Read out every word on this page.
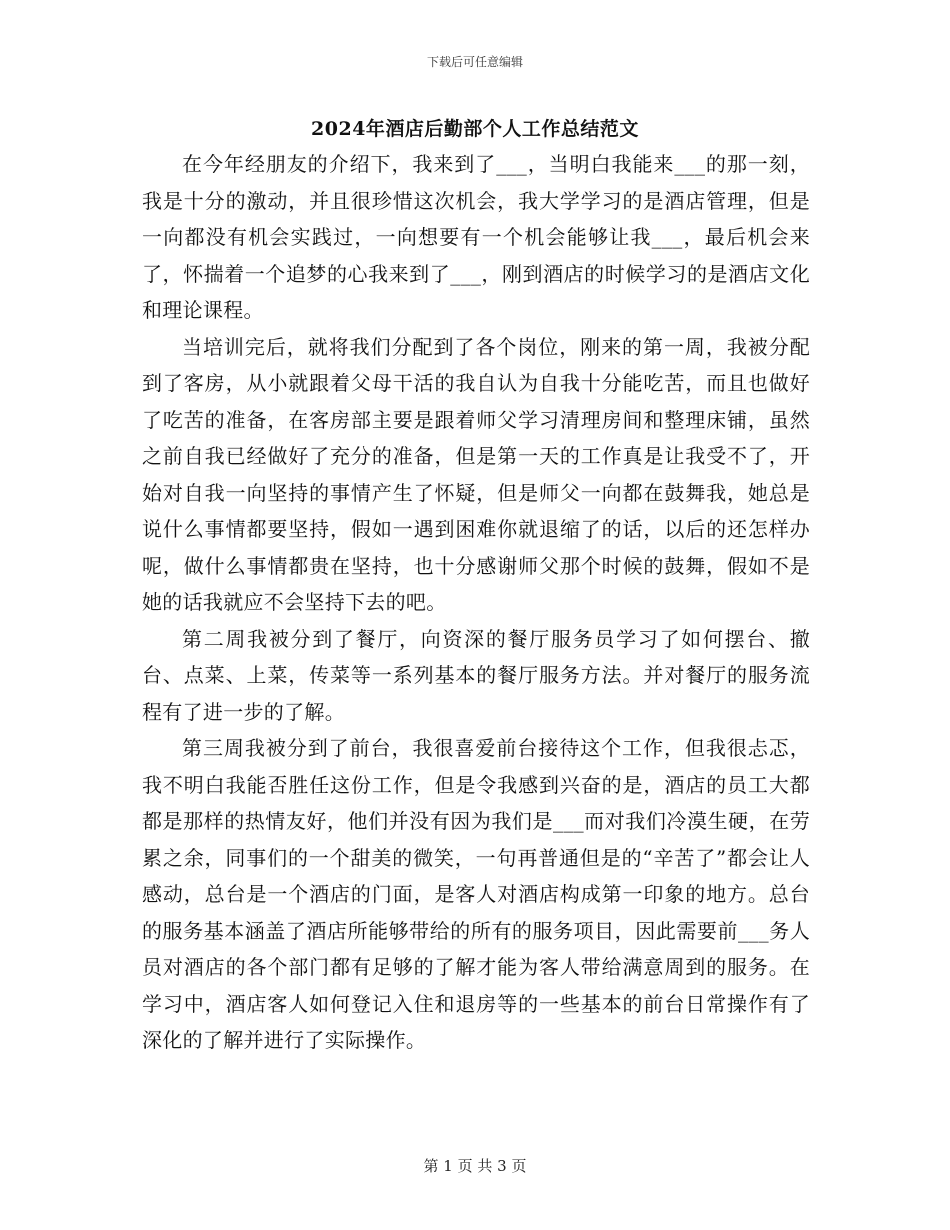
下载后可任意编辑
2024年酒店后勤部个人工作总结范文

在今年经朋友的介绍下，我来到了___，当明白我能来___的那一刻，我是十分的激动，并且很珍惜这次机会，我大学学习的是酒店管理，但是一向都没有机会实践过，一向想要有一个机会能够让我___，最后机会来了，怀揣着一个追梦的心我来到了___，刚到酒店的时候学习的是酒店文化和理论课程。

当培训完后，就将我们分配到了各个岗位，刚来的第一周，我被分配到了客房，从小就跟着父母干活的我自认为自我十分能吃苦，而且也做好了吃苦的准备，在客房部主要是跟着师父学习清理房间和整理床铺，虽然之前自我已经做好了充分的准备，但是第一天的工作真是让我受不了，开始对自我一向坚持的事情产生了怀疑，但是师父一向都在鼓舞我，她总是说什么事情都要坚持，假如一遇到困难你就退缩了的话，以后的还怎样办呢，做什么事情都贵在坚持，也十分感谢师父那个时候的鼓舞，假如不是她的话我就应不会坚持下去的吧。

第二周我被分到了餐厅，向资深的餐厅服务员学习了如何摆台、撤台、点菜、上菜，传菜等一系列基本的餐厅服务方法。并对餐厅的服务流程有了进一步的了解。

第三周我被分到了前台，我很喜爱前台接待这个工作，但我很忐忑，我不明白我能否胜任这份工作，但是令我感到兴奋的是，酒店的员工大都都是那样的热情友好，他们并没有因为我们是___而对我们冷漠生硬，在劳累之余，同事们的一个甜美的微笑，一句再普通但是的“辛苦了”都会让人感动，总台是一个酒店的门面，是客人对酒店构成第一印象的地方。总台的服务基本涵盖了酒店所能够带给的所有的服务项目，因此需要前___务人员对酒店的各个部门都有足够的了解才能为客人带给满意周到的服务。在学习中，酒店客人如何登记入住和退房等的一些基本的前台日常操作有了深化的了解并进行了实际操作。

第 1 页 共 3 页
